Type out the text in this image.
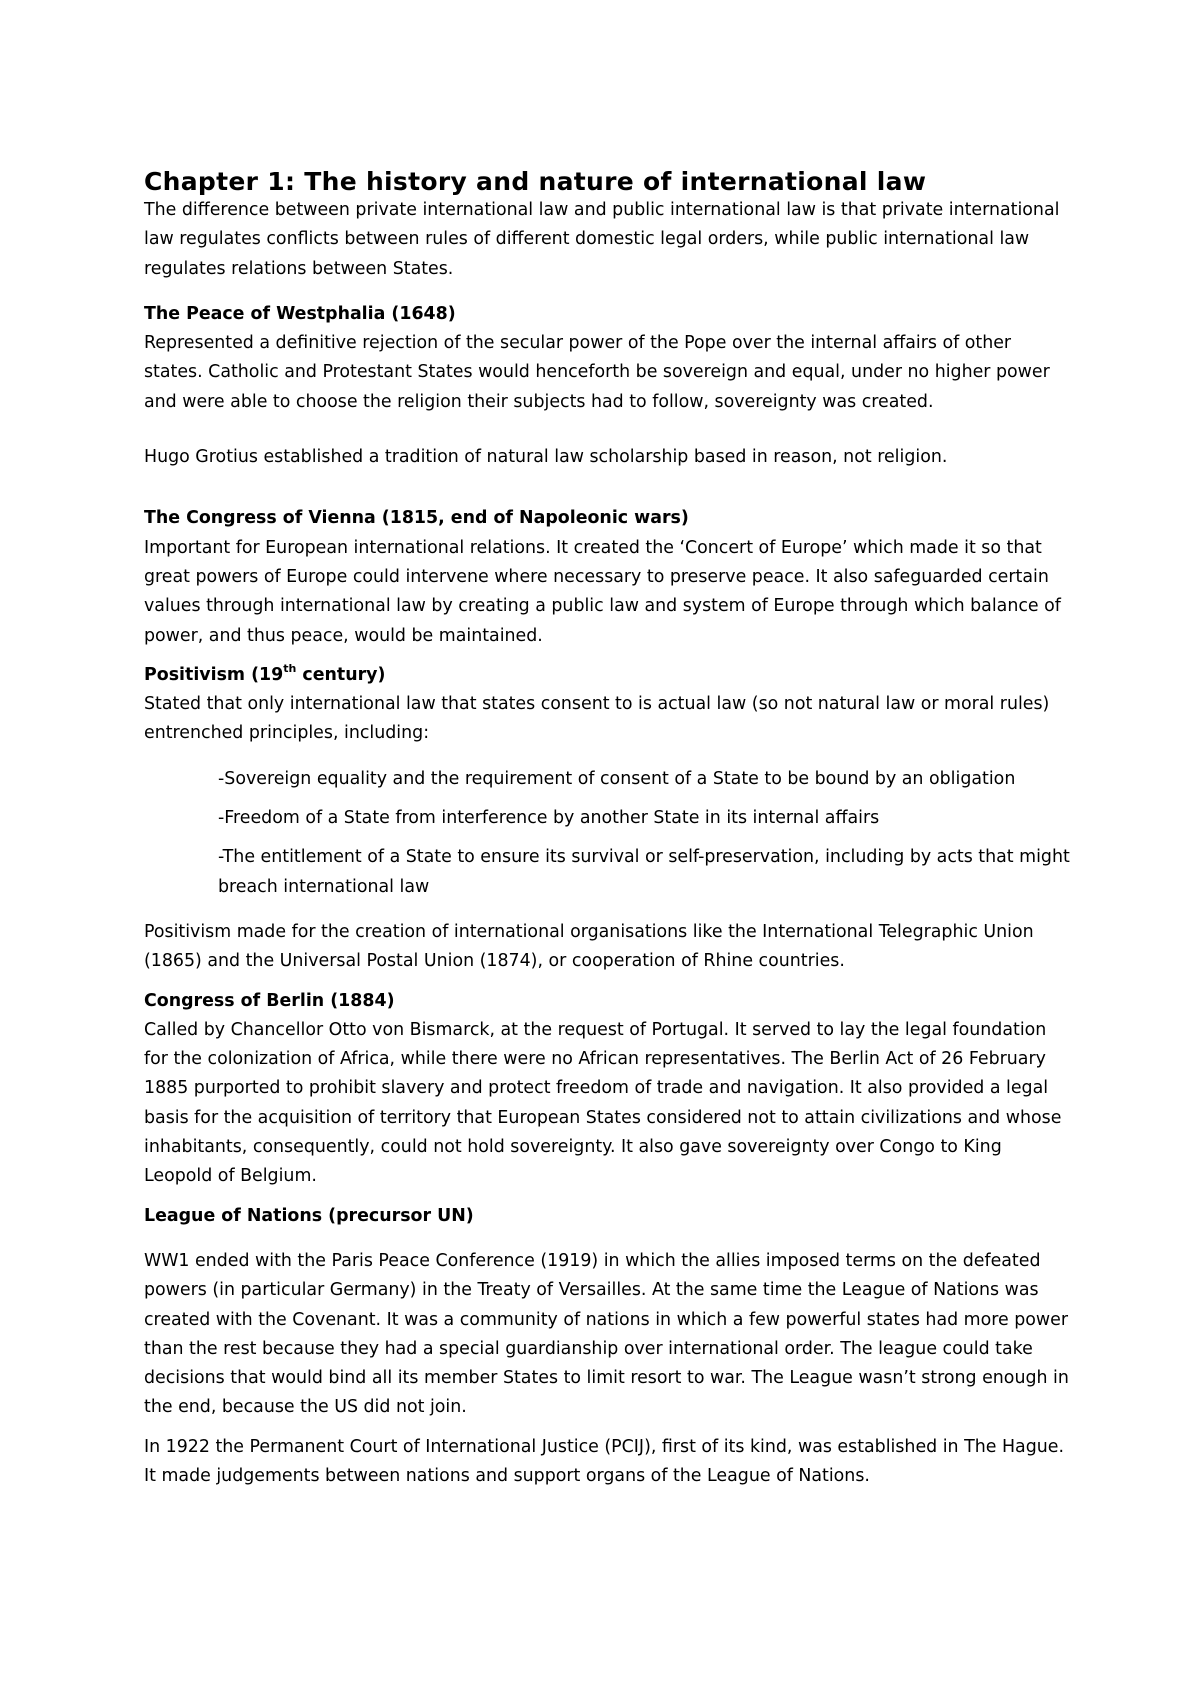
Chapter 1: The history and nature of international law

The difference between private international law and public international law is that private international law regulates conflicts between rules of different domestic legal orders, while public international law regulates relations between States.

The Peace of Westphalia (1648)

Represented a definitive rejection of the secular power of the Pope over the internal affairs of other states. Catholic and Protestant States would henceforth be sovereign and equal, under no higher power and were able to choose the religion their subjects had to follow, sovereignty was created.

Hugo Grotius established a tradition of natural law scholarship based in reason, not religion.

The Congress of Vienna (1815, end of Napoleonic wars)

Important for European international relations. It created the ‘Concert of Europe’ which made it so that great powers of Europe could intervene where necessary to preserve peace. It also safeguarded certain values through international law by creating a public law and system of Europe through which balance of power, and thus peace, would be maintained.

Positivism (19th century)

Stated that only international law that states consent to is actual law (so not natural law or moral rules) entrenched principles, including:

-Sovereign equality and the requirement of consent of a State to be bound by an obligation

-Freedom of a State from interference by another State in its internal affairs

-The entitlement of a State to ensure its survival or self-preservation, including by acts that might breach international law

Positivism made for the creation of international organisations like the International Telegraphic Union (1865) and the Universal Postal Union (1874), or cooperation of Rhine countries.

Congress of Berlin (1884)

Called by Chancellor Otto von Bismarck, at the request of Portugal. It served to lay the legal foundation for the colonization of Africa, while there were no African representatives. The Berlin Act of 26 February 1885 purported to prohibit slavery and protect freedom of trade and navigation. It also provided a legal basis for the acquisition of territory that European States considered not to attain civilizations and whose inhabitants, consequently, could not hold sovereignty. It also gave sovereignty over Congo to King Leopold of Belgium.

League of Nations (precursor UN)

WW1 ended with the Paris Peace Conference (1919) in which the allies imposed terms on the defeated powers (in particular Germany) in the Treaty of Versailles. At the same time the League of Nations was created with the Covenant. It was a community of nations in which a few powerful states had more power than the rest because they had a special guardianship over international order. The league could take decisions that would bind all its member States to limit resort to war. The League wasn’t strong enough in the end, because the US did not join.

In 1922 the Permanent Court of International Justice (PCIJ), first of its kind, was established in The Hague. It made judgements between nations and support organs of the League of Nations.
